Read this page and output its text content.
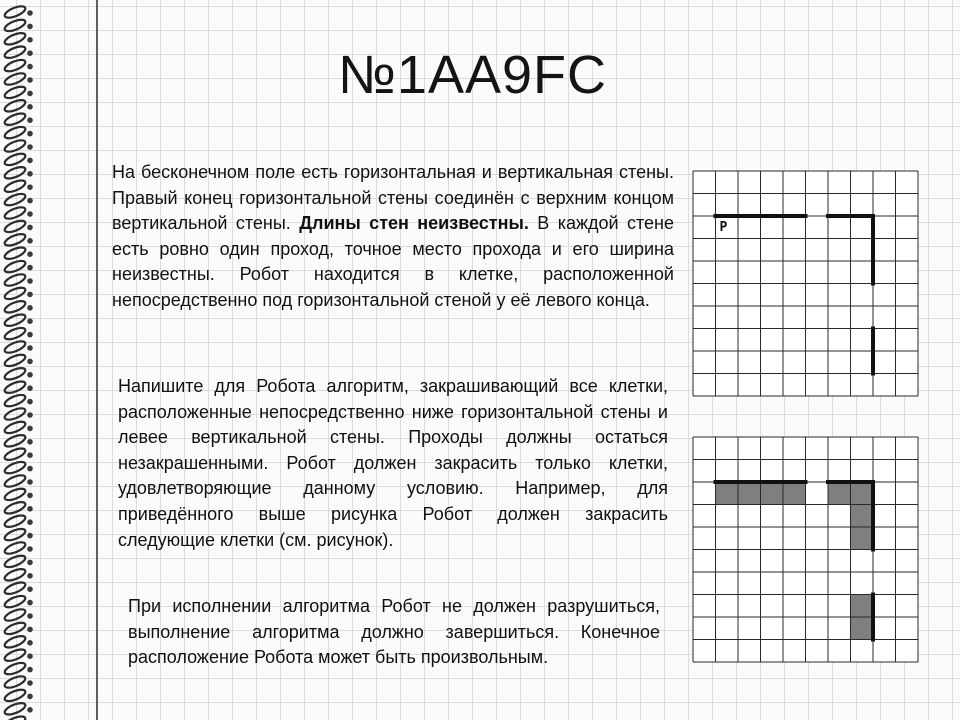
№1AA9FC

На бесконечном поле есть горизонтальная и вертикальная стены. Правый конец горизонтальной стены соединён с верхним концом вертикальной стены. Длины стен неизвестны. В каждой стене есть ровно один проход, точное место прохода и его ширина неизвестны. Робот находится в клетке, расположенной непосредственно под горизонтальной стеной у её левого конца.

Напишите для Робота алгоритм, закрашивающий все клетки, расположенные непосредственно ниже горизонтальной стены и левее вертикальной стены. Проходы должны остаться незакрашенными. Робот должен закрасить только клетки, удовлетворяющие данному условию. Например, для приведённого выше рисунка Робот должен закрасить следующие клетки (см. рисунок).

При исполнении алгоритма Робот не должен разрушиться, выполнение алгоритма должно завершиться. Конечное расположение Робота может быть произвольным.

Р
